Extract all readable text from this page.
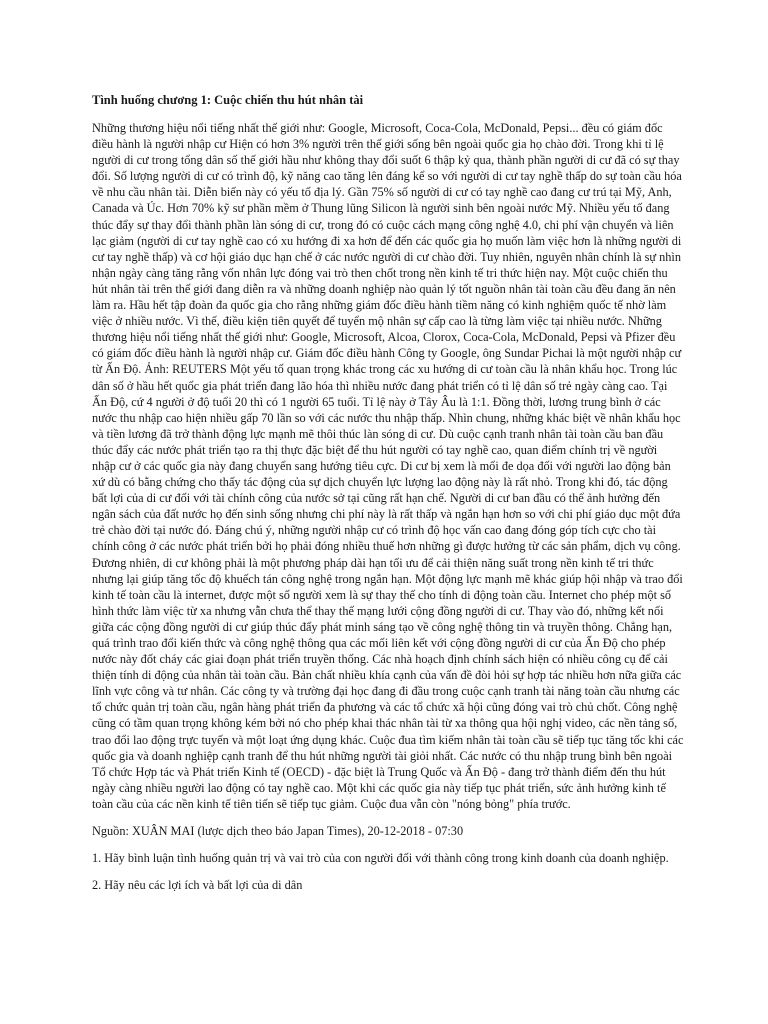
Tình huống chương 1: Cuộc chiến thu hút nhân tài
Những thương hiệu nổi tiếng nhất thế giới như: Google, Microsoft, Coca-Cola, McDonald, Pepsi... đều có giám đốc điều hành là người nhập cư Hiện có hơn 3% người trên thế giới sống bên ngoài quốc gia họ chào đời. Trong khi tỉ lệ người di cư trong tổng dân số thế giới hầu như không thay đổi suốt 6 thập kỷ qua, thành phần người di cư đã có sự thay đổi. Số lượng người di cư có trình độ, kỹ năng cao tăng lên đáng kể so với người di cư tay nghề thấp do sự toàn cầu hóa về nhu cầu nhân tài. Diễn biến này có yếu tố địa lý. Gần 75% số người di cư có tay nghề cao đang cư trú tại Mỹ, Anh, Canada và Úc. Hơn 70% kỹ sư phần mềm ở Thung lũng Silicon là người sinh bên ngoài nước Mỹ. Nhiều yếu tố đang thúc đẩy sự thay đổi thành phần làn sóng di cư, trong đó có cuộc cách mạng công nghệ 4.0, chi phí vận chuyển và liên lạc giảm (người di cư tay nghề cao có xu hướng đi xa hơn để đến các quốc gia họ muốn làm việc hơn là những người di cư tay nghề thấp) và cơ hội giáo dục hạn chế ở các nước người di cư chào đời. Tuy nhiên, nguyên nhân chính là sự nhìn nhận ngày càng tăng rằng vốn nhân lực đóng vai trò then chốt trong nền kinh tế tri thức hiện nay. Một cuộc chiến thu hút nhân tài trên thế giới đang diễn ra và những doanh nghiệp nào quản lý tốt nguồn nhân tài toàn cầu đều đang ăn nên làm ra. Hầu hết tập đoàn đa quốc gia cho rằng những giám đốc điều hành tiềm năng có kinh nghiệm quốc tế nhờ làm việc ở nhiều nước. Vì thế, điều kiện tiên quyết để tuyển mộ nhân sự cấp cao là từng làm việc tại nhiều nước. Những thương hiệu nổi tiếng nhất thế giới như: Google, Microsoft, Alcoa, Clorox, Coca-Cola, McDonald, Pepsi và Pfizer đều có giám đốc điều hành là người nhập cư. Giám đốc điều hành Công ty Google, ông Sundar Pichai là một người nhập cư từ Ấn Độ. Ảnh: REUTERS Một yếu tố quan trọng khác trong các xu hướng di cư toàn cầu là nhân khẩu học. Trong lúc dân số ở hầu hết quốc gia phát triển đang lão hóa thì nhiều nước đang phát triển có tỉ lệ dân số trẻ ngày càng cao. Tại Ấn Độ, cứ 4 người ở độ tuổi 20 thì có 1 người 65 tuổi. Tỉ lệ này ở Tây Âu là 1:1. Đồng thời, lương trung bình ở các nước thu nhập cao hiện nhiều gấp 70 lần so với các nước thu nhập thấp. Nhìn chung, những khác biệt về nhân khẩu học và tiền lương đã trở thành động lực mạnh mẽ thôi thúc làn sóng di cư. Dù cuộc cạnh tranh nhân tài toàn cầu ban đầu thúc đẩy các nước phát triển tạo ra thị thực đặc biệt để thu hút người có tay nghề cao, quan điểm chính trị về người nhập cư ở các quốc gia này đang chuyển sang hướng tiêu cực. Di cư bị xem là mối đe dọa đối với người lao động bản xứ dù có bằng chứng cho thấy tác động của sự dịch chuyển lực lượng lao động này là rất nhỏ. Trong khi đó, tác động bất lợi của di cư đối với tài chính công của nước sở tại cũng rất hạn chế. Người di cư ban đầu có thể ảnh hưởng đến ngân sách của đất nước họ đến sinh sống nhưng chi phí này là rất thấp và ngắn hạn hơn so với chi phí giáo dục một đứa trẻ chào đời tại nước đó. Đáng chú ý, những người nhập cư có trình độ học vấn cao đang đóng góp tích cực cho tài chính công ở các nước phát triển bởi họ phải đóng nhiều thuế hơn những gì được hưởng từ các sản phẩm, dịch vụ công. Đương nhiên, di cư không phải là một phương pháp dài hạn tối ưu để cải thiện năng suất trong nền kinh tế tri thức nhưng lại giúp tăng tốc độ khuếch tán công nghệ trong ngắn hạn. Một động lực mạnh mẽ khác giúp hội nhập và trao đổi kinh tế toàn cầu là internet, được một số người xem là sự thay thế cho tính di động toàn cầu. Internet cho phép một số hình thức làm việc từ xa nhưng vẫn chưa thể thay thế mạng lưới cộng đồng người di cư. Thay vào đó, những kết nối giữa các cộng đồng người di cư giúp thúc đẩy phát minh sáng tạo về công nghệ thông tin và truyền thông. Chẳng hạn, quá trình trao đổi kiến thức và công nghệ thông qua các mối liên kết với cộng đồng người di cư của Ấn Độ cho phép nước này đốt cháy các giai đoạn phát triển truyền thống. Các nhà hoạch định chính sách hiện có nhiều công cụ để cải thiện tính di động của nhân tài toàn cầu. Bản chất nhiều khía cạnh của vấn đề đòi hỏi sự hợp tác nhiều hơn nữa giữa các lĩnh vực công và tư nhân. Các công ty và trường đại học đang đi đầu trong cuộc cạnh tranh tài năng toàn cầu nhưng các tổ chức quản trị toàn cầu, ngân hàng phát triển đa phương và các tổ chức xã hội cũng đóng vai trò chủ chốt. Công nghệ cũng có tầm quan trọng không kém bởi nó cho phép khai thác nhân tài từ xa thông qua hội nghị video, các nền tảng số, trao đổi lao động trực tuyến và một loạt ứng dụng khác. Cuộc đua tìm kiếm nhân tài toàn cầu sẽ tiếp tục tăng tốc khi các quốc gia và doanh nghiệp cạnh tranh để thu hút những người tài giỏi nhất. Các nước có thu nhập trung bình bên ngoài Tổ chức Hợp tác và Phát triển Kinh tế (OECD) - đặc biệt là Trung Quốc và Ấn Độ - đang trở thành điểm đến thu hút ngày càng nhiều người lao động có tay nghề cao. Một khi các quốc gia này tiếp tục phát triển, sức ảnh hưởng kinh tế toàn cầu của các nền kinh tế tiên tiến sẽ tiếp tục giảm. Cuộc đua vẫn còn "nóng bỏng" phía trước.
Nguồn: XUÂN MAI (lược dịch theo báo Japan Times), 20-12-2018 - 07:30
1. Hãy bình luận tình huống quản trị và vai trò của con người đối với thành công trong kinh doanh của doanh nghiệp.
2. Hãy nêu các lợi ích và bất lợi của di dân
